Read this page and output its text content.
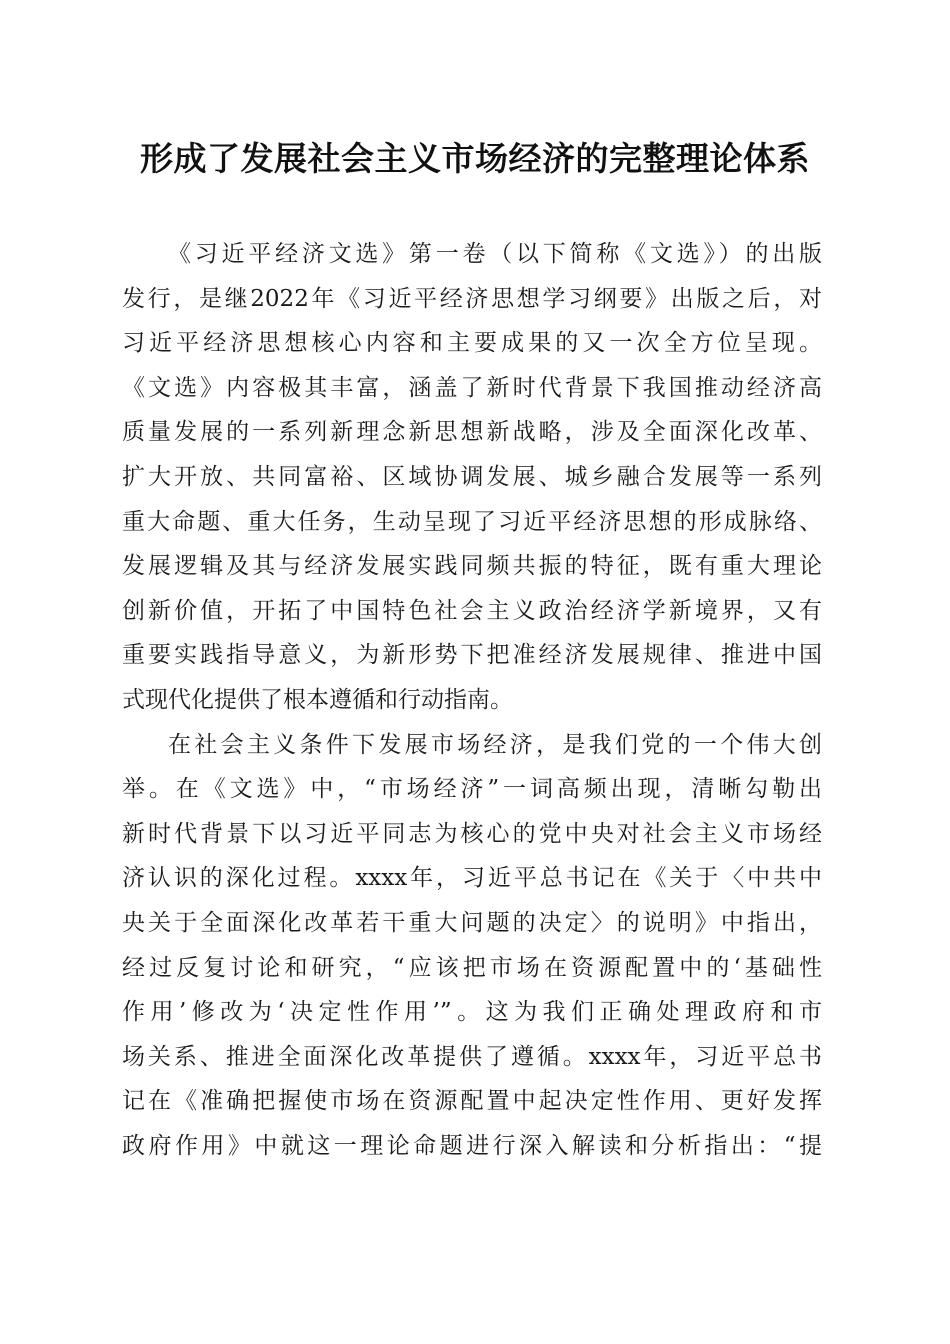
形成了发展社会主义市场经济的完整理论体系
《习近平经济文选》第一卷（以下简称《文选》）的出版
发行，是继2022年《习近平经济思想学习纲要》出版之后，对
习近平经济思想核心内容和主要成果的又一次全方位呈现。
《文选》内容极其丰富，涵盖了新时代背景下我国推动经济高
质量发展的一系列新理念新思想新战略，涉及全面深化改革、
扩大开放、共同富裕、区域协调发展、城乡融合发展等一系列
重大命题、重大任务，生动呈现了习近平经济思想的形成脉络、
发展逻辑及其与经济发展实践同频共振的特征，既有重大理论
创新价值，开拓了中国特色社会主义政治经济学新境界，又有
重要实践指导意义，为新形势下把准经济发展规律、推进中国
式现代化提供了根本遵循和行动指南。
在社会主义条件下发展市场经济，是我们党的一个伟大创
举。在《文选》中，“市场经济”一词高频出现，清晰勾勒出
新时代背景下以习近平同志为核心的党中央对社会主义市场经
济认识的深化过程。xxxx年，习近平总书记在《关于〈中共中
央关于全面深化改革若干重大问题的决定〉的说明》中指出，
经过反复讨论和研究，“应该把市场在资源配置中的‘基础性
作用’修改为‘决定性作用’”。这为我们正确处理政府和市
场关系、推进全面深化改革提供了遵循。xxxx年，习近平总书
记在《准确把握使市场在资源配置中起决定性作用、更好发挥
政府作用》中就这一理论命题进行深入解读和分析指出：“提
